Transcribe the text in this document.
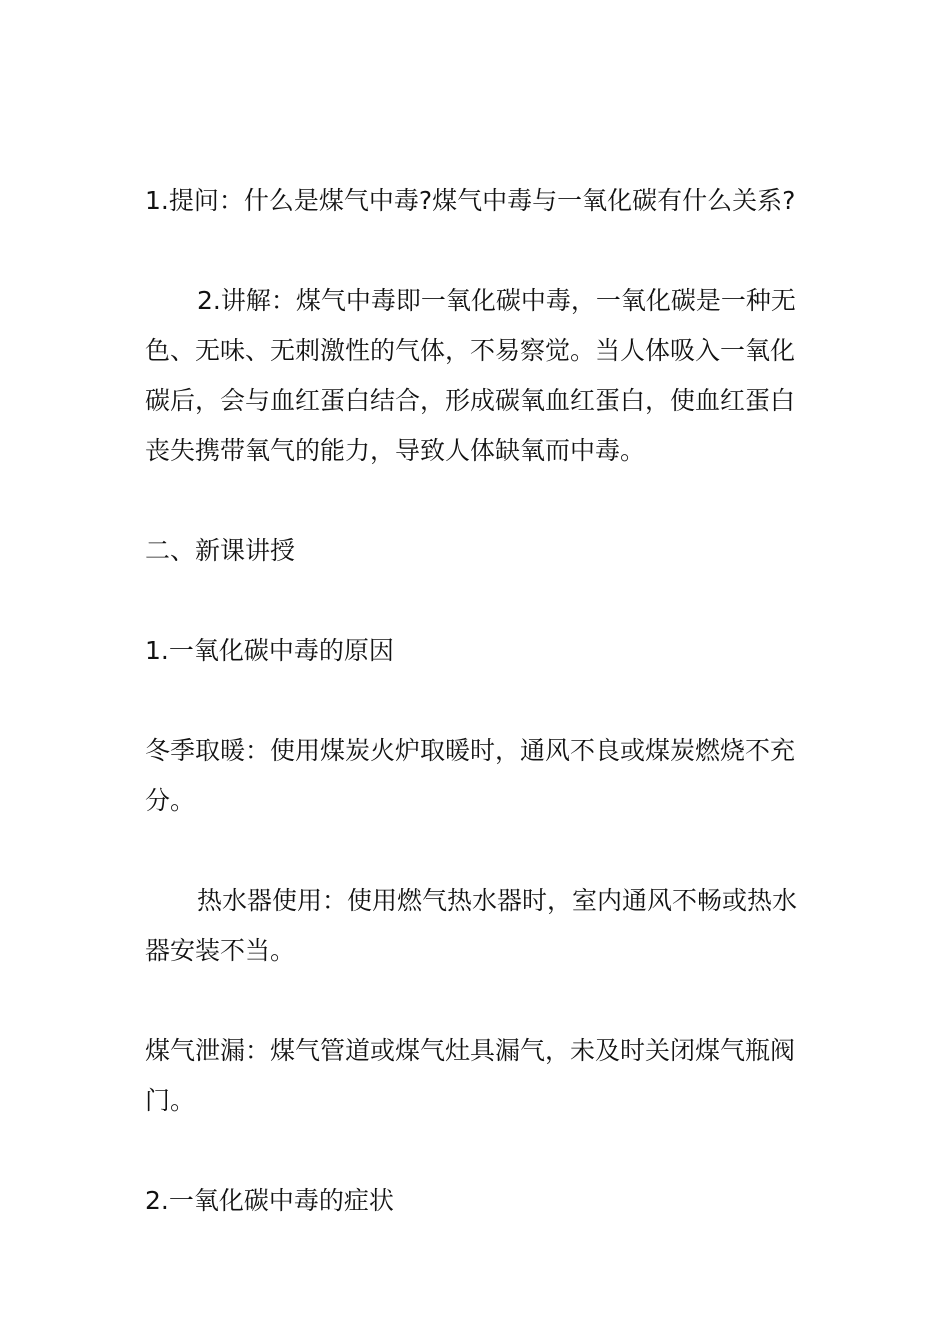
1.提问：什么是煤气中毒?煤气中毒与一氧化碳有什么关系?

2.讲解：煤气中毒即一氧化碳中毒，一氧化碳是一种无色、无味、无刺激性的气体，不易察觉。当人体吸入一氧化碳后，会与血红蛋白结合，形成碳氧血红蛋白，使血红蛋白丧失携带氧气的能力，导致人体缺氧而中毒。

二、新课讲授

1.一氧化碳中毒的原因

冬季取暖：使用煤炭火炉取暖时，通风不良或煤炭燃烧不充分。

热水器使用：使用燃气热水器时，室内通风不畅或热水器安装不当。

煤气泄漏：煤气管道或煤气灶具漏气，未及时关闭煤气瓶阀门。

2.一氧化碳中毒的症状
